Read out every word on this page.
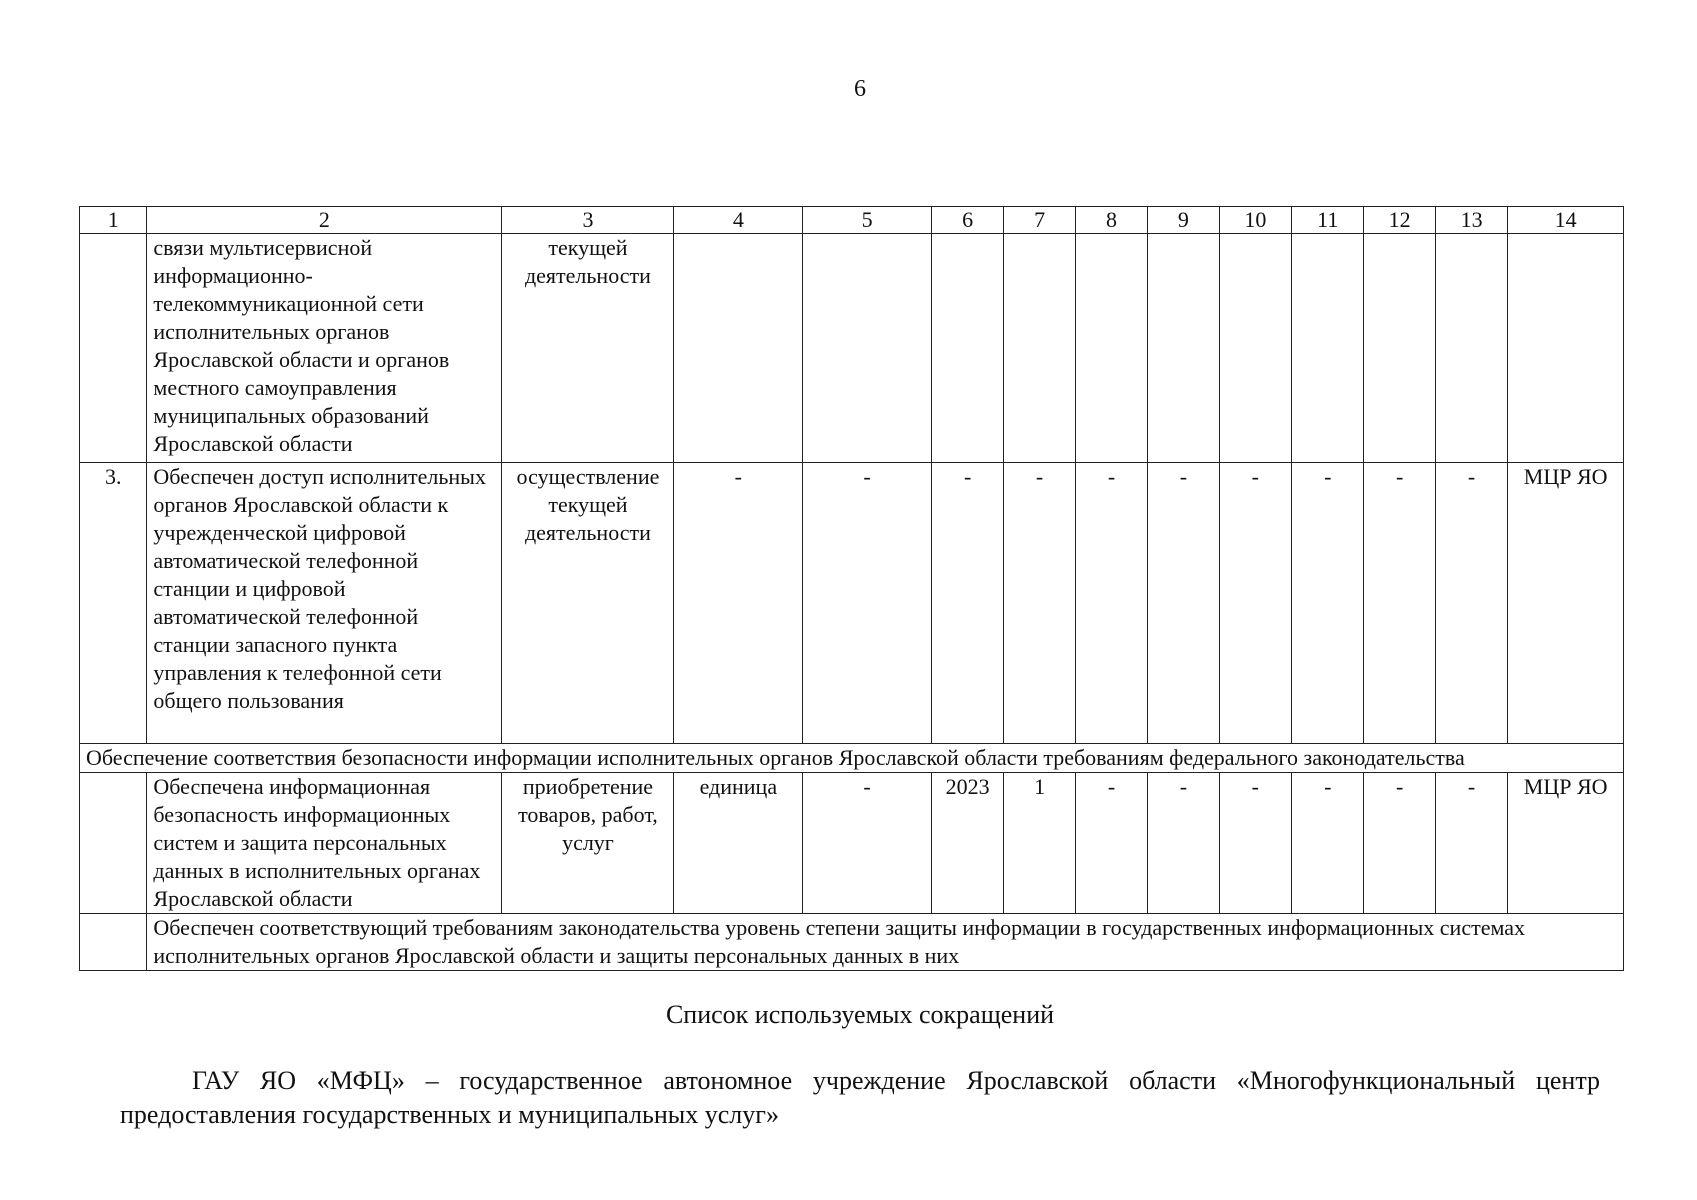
6
1	2	3	4	5	6	7	8	9	10	11	12	13	14
	связи мультисервисной информационно-телекоммуникационной сети исполнительных органов Ярославской области и органов местного самоуправления муниципальных образований Ярославской области	текущей деятельности											
3.	Обеспечен доступ исполнительных органов Ярославской области к учрежденческой цифровой автоматической телефонной станции и цифровой автоматической телефонной станции запасного пункта управления к телефонной сети общего пользования	осуществление текущей деятельности	-	-	-	-	-	-	-	-	-	-	МЦР ЯО
Обеспечение соответствия безопасности информации исполнительных органов Ярославской области требованиям федерального законодательства													
	Обеспечена информационная безопасность информационных систем и защита персональных данных в исполнительных органах Ярославской области	приобретение товаров, работ, услуг	единица	-	2023	1	-	-	-	-	-	-	МЦР ЯО
	Обеспечен соответствующий требованиям законодательства уровень степени защиты информации в государственных информационных системах исполнительных органов Ярославской области и защиты персональных данных в них												
Список используемых сокращений
ГАУ ЯО «МФЦ» – государственное автономное учреждение Ярославской области «Многофункциональный центр предоставления государственных и муниципальных услуг»
